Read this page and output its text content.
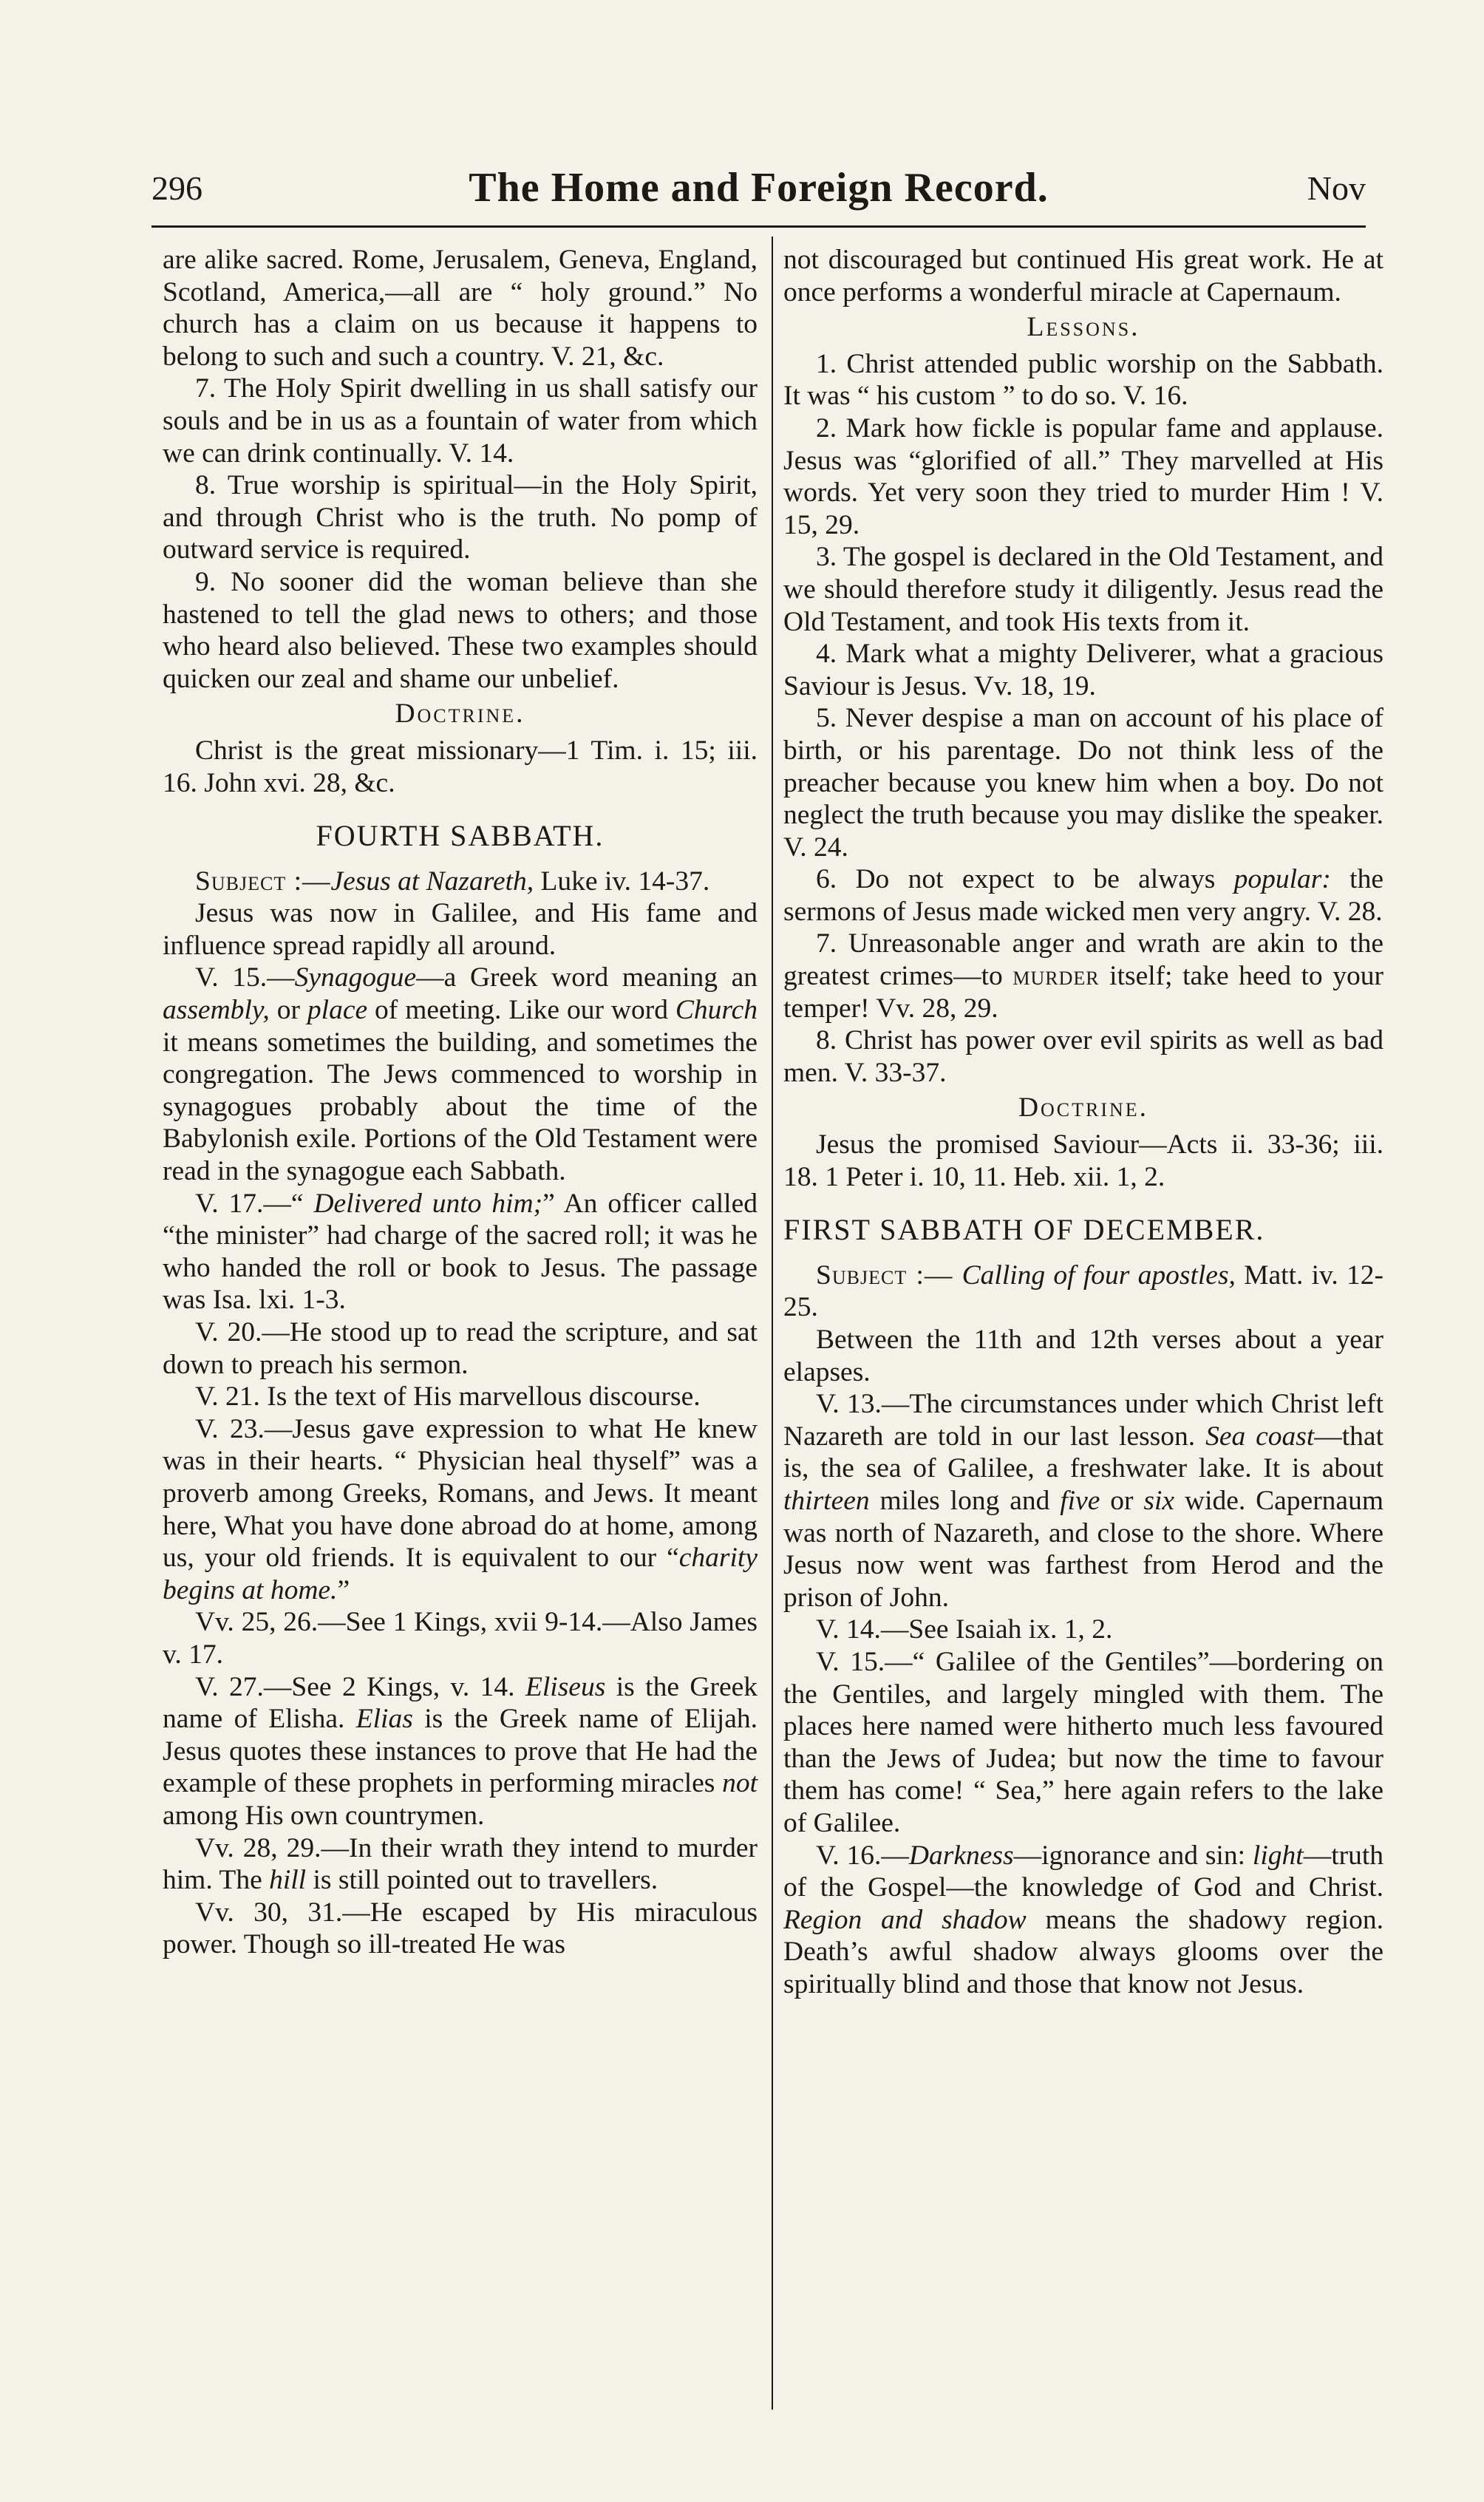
296	The Home and Foreign Record.	Nov

are alike sacred. Rome, Jerusalem, Geneva, England, Scotland, America,—all are “ holy ground.” No church has a claim on us because it happens to belong to such and such a country. V. 21, &c.

7. The Holy Spirit dwelling in us shall satisfy our souls and be in us as a fountain of water from which we can drink continually. V. 14.

8. True worship is spiritual—in the Holy Spirit, and through Christ who is the truth. No pomp of outward service is required.

9. No sooner did the woman believe than she hastened to tell the glad news to others; and those who heard also believed. These two examples should quicken our zeal and shame our unbelief.

Doctrine.

Christ is the great missionary—1 Tim. i. 15; iii. 16. John xvi. 28, &c.

FOURTH SABBATH.

Subject :—Jesus at Nazareth, Luke iv. 14-37.

Jesus was now in Galilee, and His fame and influence spread rapidly all around.

V. 15.—Synagogue—a Greek word meaning an assembly, or place of meeting. Like our word Church it means sometimes the building, and sometimes the congregation. The Jews commenced to worship in synagogues probably about the time of the Babylonish exile. Portions of the Old Testament were read in the synagogue each Sabbath.

V. 17.—“ Delivered unto him;” An officer called “the minister” had charge of the sacred roll; it was he who handed the roll or book to Jesus. The passage was Isa. lxi. 1-3.

V. 20.—He stood up to read the scripture, and sat down to preach his sermon.

V. 21. Is the text of His marvellous discourse.

V. 23.—Jesus gave expression to what He knew was in their hearts. “ Physician heal thyself” was a proverb among Greeks, Romans, and Jews. It meant here, What you have done abroad do at home, among us, your old friends. It is equivalent to our “charity begins at home.”

Vv. 25, 26.—See 1 Kings, xvii 9-14.—Also James v. 17.

V. 27.—See 2 Kings, v. 14. Eliseus is the Greek name of Elisha. Elias is the Greek name of Elijah. Jesus quotes these instances to prove that He had the example of these prophets in performing miracles not among His own countrymen.

Vv. 28, 29.—In their wrath they intend to murder him. The hill is still pointed out to travellers.

Vv. 30, 31.—He escaped by His miraculous power. Though so ill-treated He was

not discouraged but continued His great work. He at once performs a wonderful miracle at Capernaum.

Lessons.

1. Christ attended public worship on the Sabbath. It was “ his custom ” to do so. V. 16.

2. Mark how fickle is popular fame and applause. Jesus was “glorified of all.” They marvelled at His words. Yet very soon they tried to murder Him ! V. 15, 29.

3. The gospel is declared in the Old Testament, and we should therefore study it diligently. Jesus read the Old Testament, and took His texts from it.

4. Mark what a mighty Deliverer, what a gracious Saviour is Jesus. Vv. 18, 19.

5. Never despise a man on account of his place of birth, or his parentage. Do not think less of the preacher because you knew him when a boy. Do not neglect the truth because you may dislike the speaker. V. 24.

6. Do not expect to be always popular: the sermons of Jesus made wicked men very angry. V. 28.

7. Unreasonable anger and wrath are akin to the greatest crimes—to murder itself; take heed to your temper! Vv. 28, 29.

8. Christ has power over evil spirits as well as bad men. V. 33-37.

Doctrine.

Jesus the promised Saviour—Acts ii. 33-36; iii. 18. 1 Peter i. 10, 11. Heb. xii. 1, 2.

FIRST SABBATH OF DECEMBER.

Subject :— Calling of four apostles, Matt. iv. 12-25.

Between the 11th and 12th verses about a year elapses.

V. 13.—The circumstances under which Christ left Nazareth are told in our last lesson. Sea coast—that is, the sea of Galilee, a freshwater lake. It is about thirteen miles long and five or six wide. Capernaum was north of Nazareth, and close to the shore. Where Jesus now went was farthest from Herod and the prison of John.

V. 14.—See Isaiah ix. 1, 2.

V. 15.—“ Galilee of the Gentiles”—bordering on the Gentiles, and largely mingled with them. The places here named were hitherto much less favoured than the Jews of Judea; but now the time to favour them has come! “ Sea,” here again refers to the lake of Galilee.

V. 16.—Darkness—ignorance and sin: light—truth of the Gospel—the knowledge of God and Christ. Region and shadow means the shadowy region. Death’s awful shadow always glooms over the spiritually blind and those that know not Jesus.
